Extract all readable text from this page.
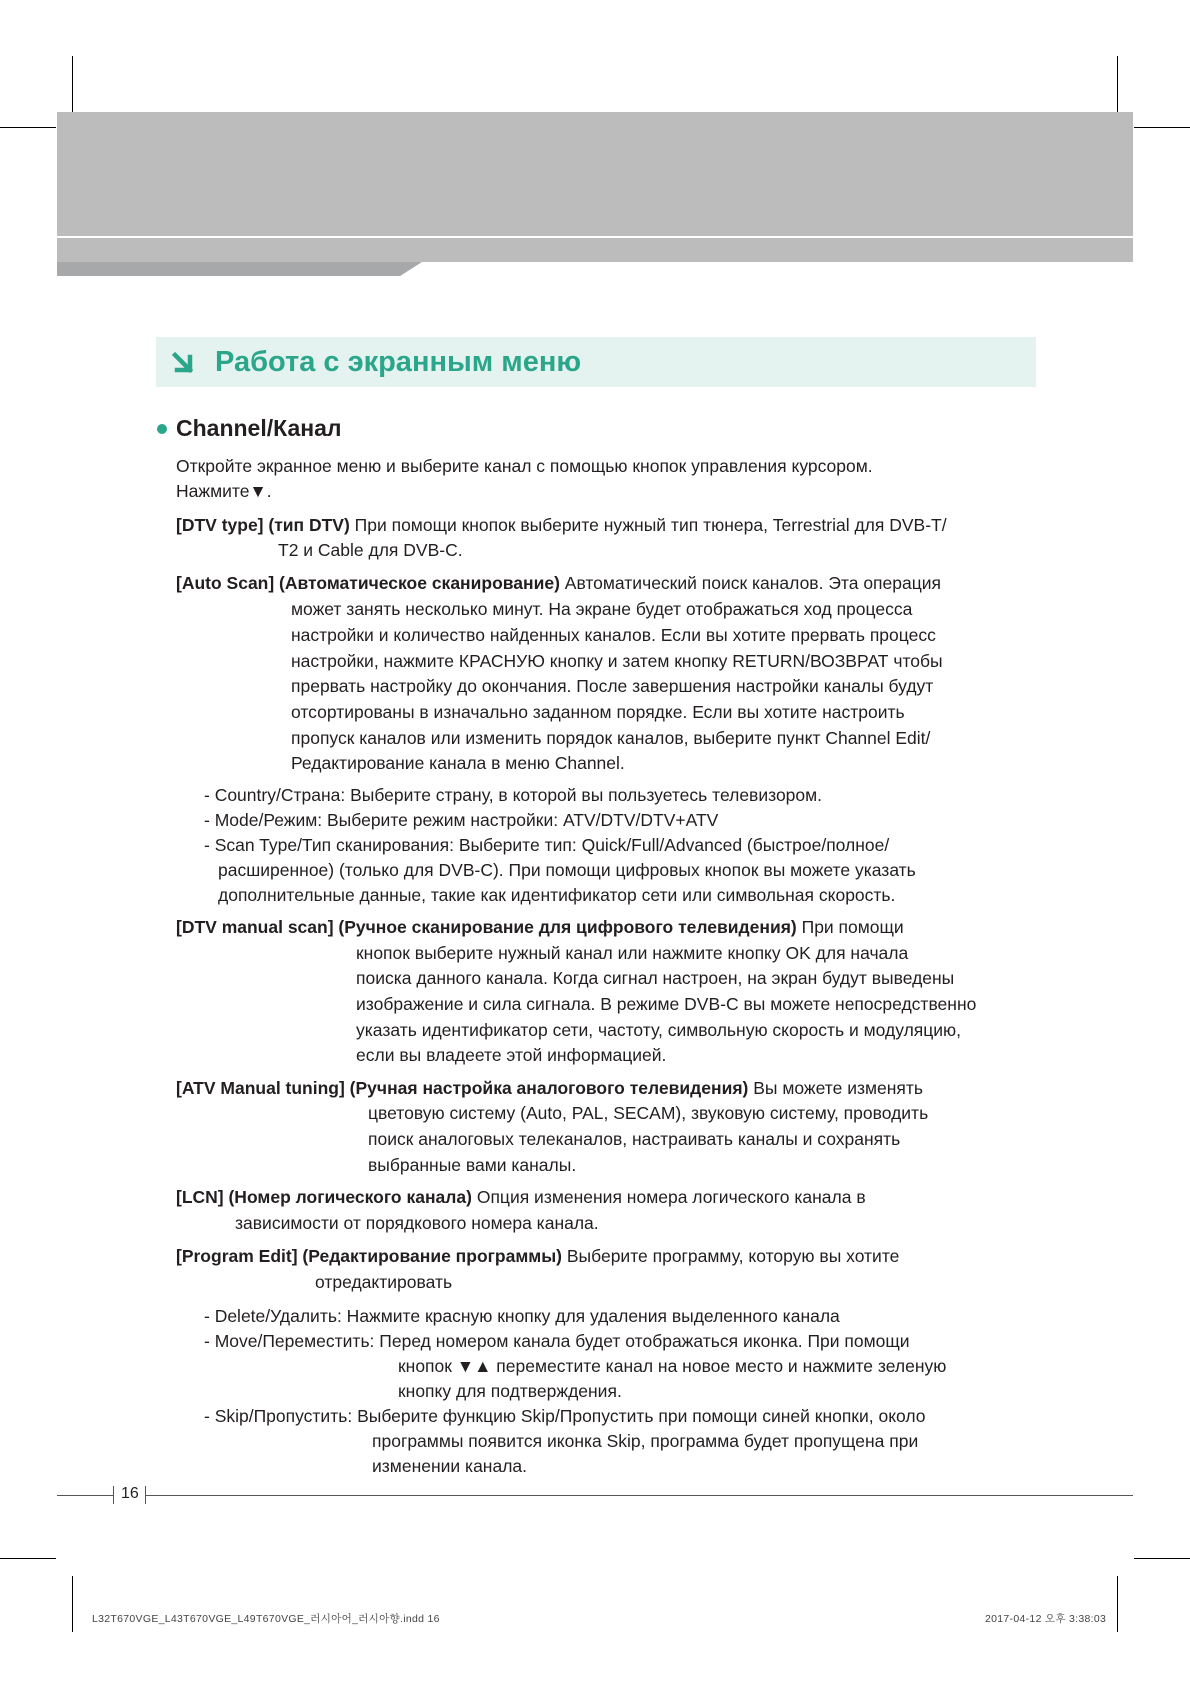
Работа с экранным меню
Channel/Канал
Откройте экранное меню и выберите канал с помощью кнопок управления курсором.
Нажмите▼.
[DTV type] (тип DTV) При помощи кнопок выберите нужный тип тюнера, Terrestrial для DVB-T/
T2 и Cable для DVB-C.
[Auto Scan] (Автоматическое сканирование) Автоматический поиск каналов. Эта операция
может занять несколько минут. На экране будет отображаться ход процесса
настройки и количество найденных каналов. Если вы хотите прервать процесс
настройки, нажмите КРАСНУЮ кнопку и затем кнопку RETURN/ВОЗВРАТ чтобы
прервать настройку до окончания. После завершения настройки каналы будут
отсортированы в изначально заданном порядке. Если вы хотите настроить
пропуск каналов или изменить порядок каналов, выберите пункт Channel Edit/
Редактирование канала в меню Channel.
- Country/Страна: Выберите страну, в которой вы пользуетесь телевизором.
- Mode/Режим: Выберите режим настройки: ATV/DTV/DTV+ATV
- Scan Type/Тип сканирования: Выберите тип: Quick/Full/Advanced (быстрое/полное/
расширенное) (только для DVB-C). При помощи цифровых кнопок вы можете указать
дополнительные данные, такие как идентификатор сети или символьная скорость.
[DTV manual scan] (Ручное сканирование для цифрового телевидения) При помощи
кнопок выберите нужный канал или нажмите кнопку OK для начала
поиска данного канала. Когда сигнал настроен, на экран будут выведены
изображение и сила сигнала. В режиме DVB-C вы можете непосредственно
указать идентификатор сети, частоту, символьную скорость и модуляцию,
если вы владеете этой информацией.
[ATV Manual tuning] (Ручная настройка аналогового телевидения) Вы можете изменять
цветовую систему (Auto, PAL, SECAM), звуковую систему, проводить
поиск аналоговых телеканалов, настраивать каналы и сохранять
выбранные вами каналы.
[LCN] (Номер логического канала) Опция изменения номера логического канала в
зависимости от порядкового номера канала.
[Program Edit] (Редактирование программы) Выберите программу, которую вы хотите
отредактировать
- Delete/Удалить: Нажмите красную кнопку для удаления выделенного канала
- Move/Переместить: Перед номером канала будет отображаться иконка. При помощи
кнопок ▼▲ переместите канал на новое место и нажмите зеленую
кнопку для подтверждения.
- Skip/Пропустить: Выберите функцию Skip/Пропустить при помощи синей кнопки, около
программы появится иконка Skip, программа будет пропущена при
изменении канала.
16
L32T670VGE_L43T670VGE_L49T670VGE_러시아어_러시아향.indd 16	2017-04-12 오후 3:38:03
